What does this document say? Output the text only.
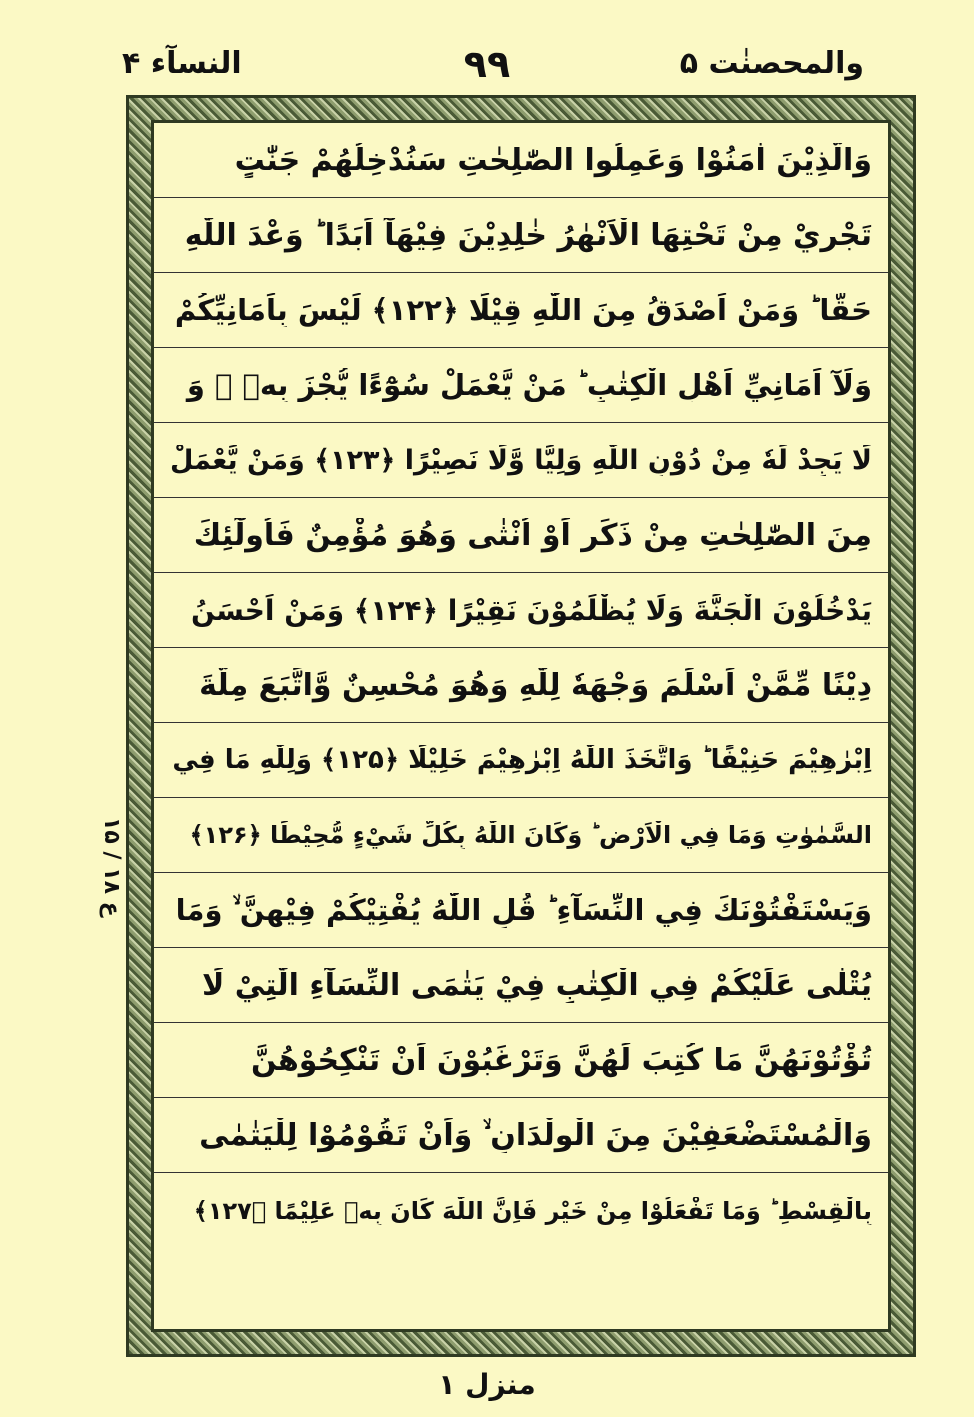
النسآء ۴	۹۹	والمحصنٰت ۵
ع ۱۸ / ۱۵
وَالَّذِيْنَ اٰمَنُوْا وَعَمِلُوا الصّٰلِحٰتِ سَنُدْخِلُهُمْ جَنّٰتٍ
تَجْرِيْ مِنْ تَحْتِهَا الْاَنْهٰرُ خٰلِدِيْنَ فِيْهَآ اَبَدًا ؕ وَعْدَ اللّٰهِ
حَقًّا ؕ وَمَنْ اَصْدَقُ مِنَ اللّٰهِ قِيْلًا ﴿۱۲۲﴾ لَيْسَ بِاَمَانِيِّكُمْ
وَلَآ اَمَانِيِّ اَهْلِ الْكِتٰبِ ؕ مَنْ يَّعْمَلْ سُوْٓءًا يُّجْزَ بِهٖ ۙ وَ
لَا يَجِدْ لَهٗ مِنْ دُوْنِ اللّٰهِ وَلِيًّا وَّلَا نَصِيْرًا ﴿۱۲۳﴾ وَمَنْ يَّعْمَلْ
مِنَ الصّٰلِحٰتِ مِنْ ذَكَرٍ اَوْ اُنْثٰى وَهُوَ مُؤْمِنٌ فَاُولٰٓئِكَ
يَدْخُلُوْنَ الْجَنَّةَ وَلَا يُظْلَمُوْنَ نَقِيْرًا ﴿۱۲۴﴾ وَمَنْ اَحْسَنُ
دِيْنًا مِّمَّنْ اَسْلَمَ وَجْهَهٗ لِلّٰهِ وَهُوَ مُحْسِنٌ وَّاتَّبَعَ مِلَّةَ
اِبْرٰهِيْمَ حَنِيْفًا ؕ وَاتَّخَذَ اللّٰهُ اِبْرٰهِيْمَ خَلِيْلًا ﴿۱۲۵﴾ وَلِلّٰهِ مَا فِي
السَّمٰوٰتِ وَمَا فِي الْاَرْضِ ؕ وَكَانَ اللّٰهُ بِكُلِّ شَيْءٍ مُّحِيْطًا ﴿۱۲۶﴾
وَيَسْتَفْتُوْنَكَ فِي النِّسَآءِ ؕ قُلِ اللّٰهُ يُفْتِيْكُمْ فِيْهِنَّ ۙ وَمَا
يُتْلٰى عَلَيْكُمْ فِي الْكِتٰبِ فِيْ يَتٰمَى النِّسَآءِ الّٰتِيْ لَا
تُؤْتُوْنَهُنَّ مَا كُتِبَ لَهُنَّ وَتَرْغَبُوْنَ اَنْ تَنْكِحُوْهُنَّ
وَالْمُسْتَضْعَفِيْنَ مِنَ الْوِلْدَانِ ۙ وَاَنْ تَقُوْمُوْا لِلْيَتٰمٰى
بِالْقِسْطِ ؕ وَمَا تَفْعَلُوْا مِنْ خَيْرٍ فَاِنَّ اللّٰهَ كَانَ بِهٖ عَلِيْمًا ﴿۱۲۷﴾
منزل ۱
